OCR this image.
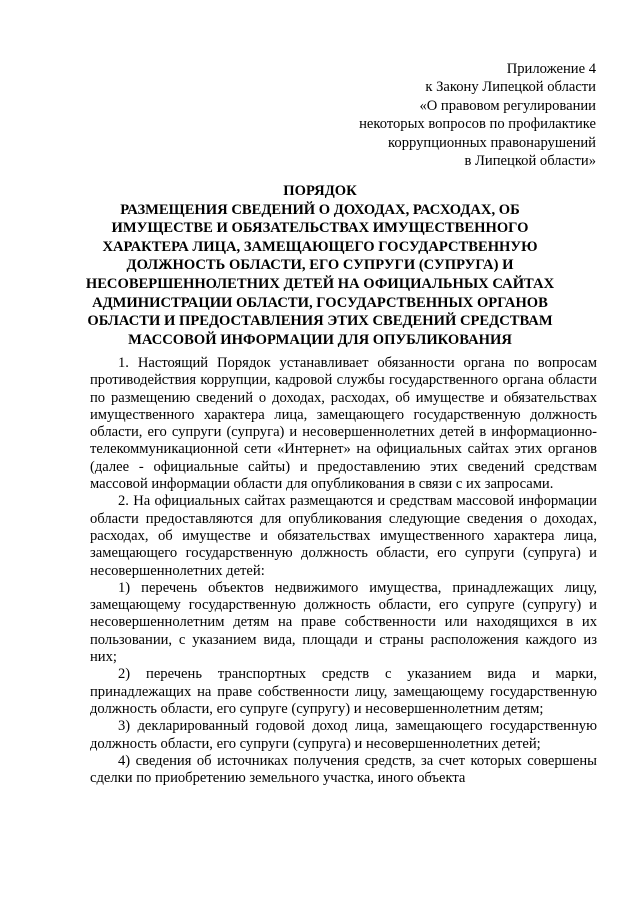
Приложение 4
к Закону Липецкой области
«О правовом регулировании
некоторых вопросов по профилактике
коррупционных правонарушений
в Липецкой области»
ПОРЯДОК
РАЗМЕЩЕНИЯ СВЕДЕНИЙ О ДОХОДАХ, РАСХОДАХ, ОБ
ИМУЩЕСТВЕ И ОБЯЗАТЕЛЬСТВАХ ИМУЩЕСТВЕННОГО
ХАРАКТЕРА ЛИЦА, ЗАМЕЩАЮЩЕГО ГОСУДАРСТВЕННУЮ
ДОЛЖНОСТЬ ОБЛАСТИ, ЕГО СУПРУГИ (СУПРУГА) И
НЕСОВЕРШЕННОЛЕТНИХ ДЕТЕЙ НА ОФИЦИАЛЬНЫХ САЙТАХ
АДМИНИСТРАЦИИ ОБЛАСТИ, ГОСУДАРСТВЕННЫХ ОРГАНОВ
ОБЛАСТИ И ПРЕДОСТАВЛЕНИЯ ЭТИХ СВЕДЕНИЙ СРЕДСТВАМ
МАССОВОЙ ИНФОРМАЦИИ ДЛЯ ОПУБЛИКОВАНИЯ

1. Настоящий Порядок устанавливает обязанности органа по вопросам противодействия коррупции, кадровой службы государственного органа области по размещению сведений о доходах, расходах, об имуществе и обязательствах имущественного характера лица, замещающего государственную должность области, его супруги (супруга) и несовершеннолетних детей в информационно-телекоммуникационной сети «Интернет» на официальных сайтах этих органов (далее - официальные сайты) и предоставлению этих сведений средствам массовой информации области для опубликования в связи с их запросами.

2. На официальных сайтах размещаются и средствам массовой информации области предоставляются для опубликования следующие сведения о доходах, расходах, об имуществе и обязательствах имущественного характера лица, замещающего государственную должность области, его супруги (супруга) и несовершеннолетних детей:

1) перечень объектов недвижимого имущества, принадлежащих лицу, замещающему государственную должность области, его супруге (супругу) и несовершеннолетним детям на праве собственности или находящихся в их пользовании, с указанием вида, площади и страны расположения каждого из них;

2) перечень транспортных средств с указанием вида и марки, принадлежащих на праве собственности лицу, замещающему государственную должность области, его супруге (супругу) и несовершеннолетним детям;

3) декларированный годовой доход лица, замещающего государственную должность области, его супруги (супруга) и несовершеннолетних детей;

4) сведения об источниках получения средств, за счет которых совершены сделки по приобретению земельного участка, иного объекта
